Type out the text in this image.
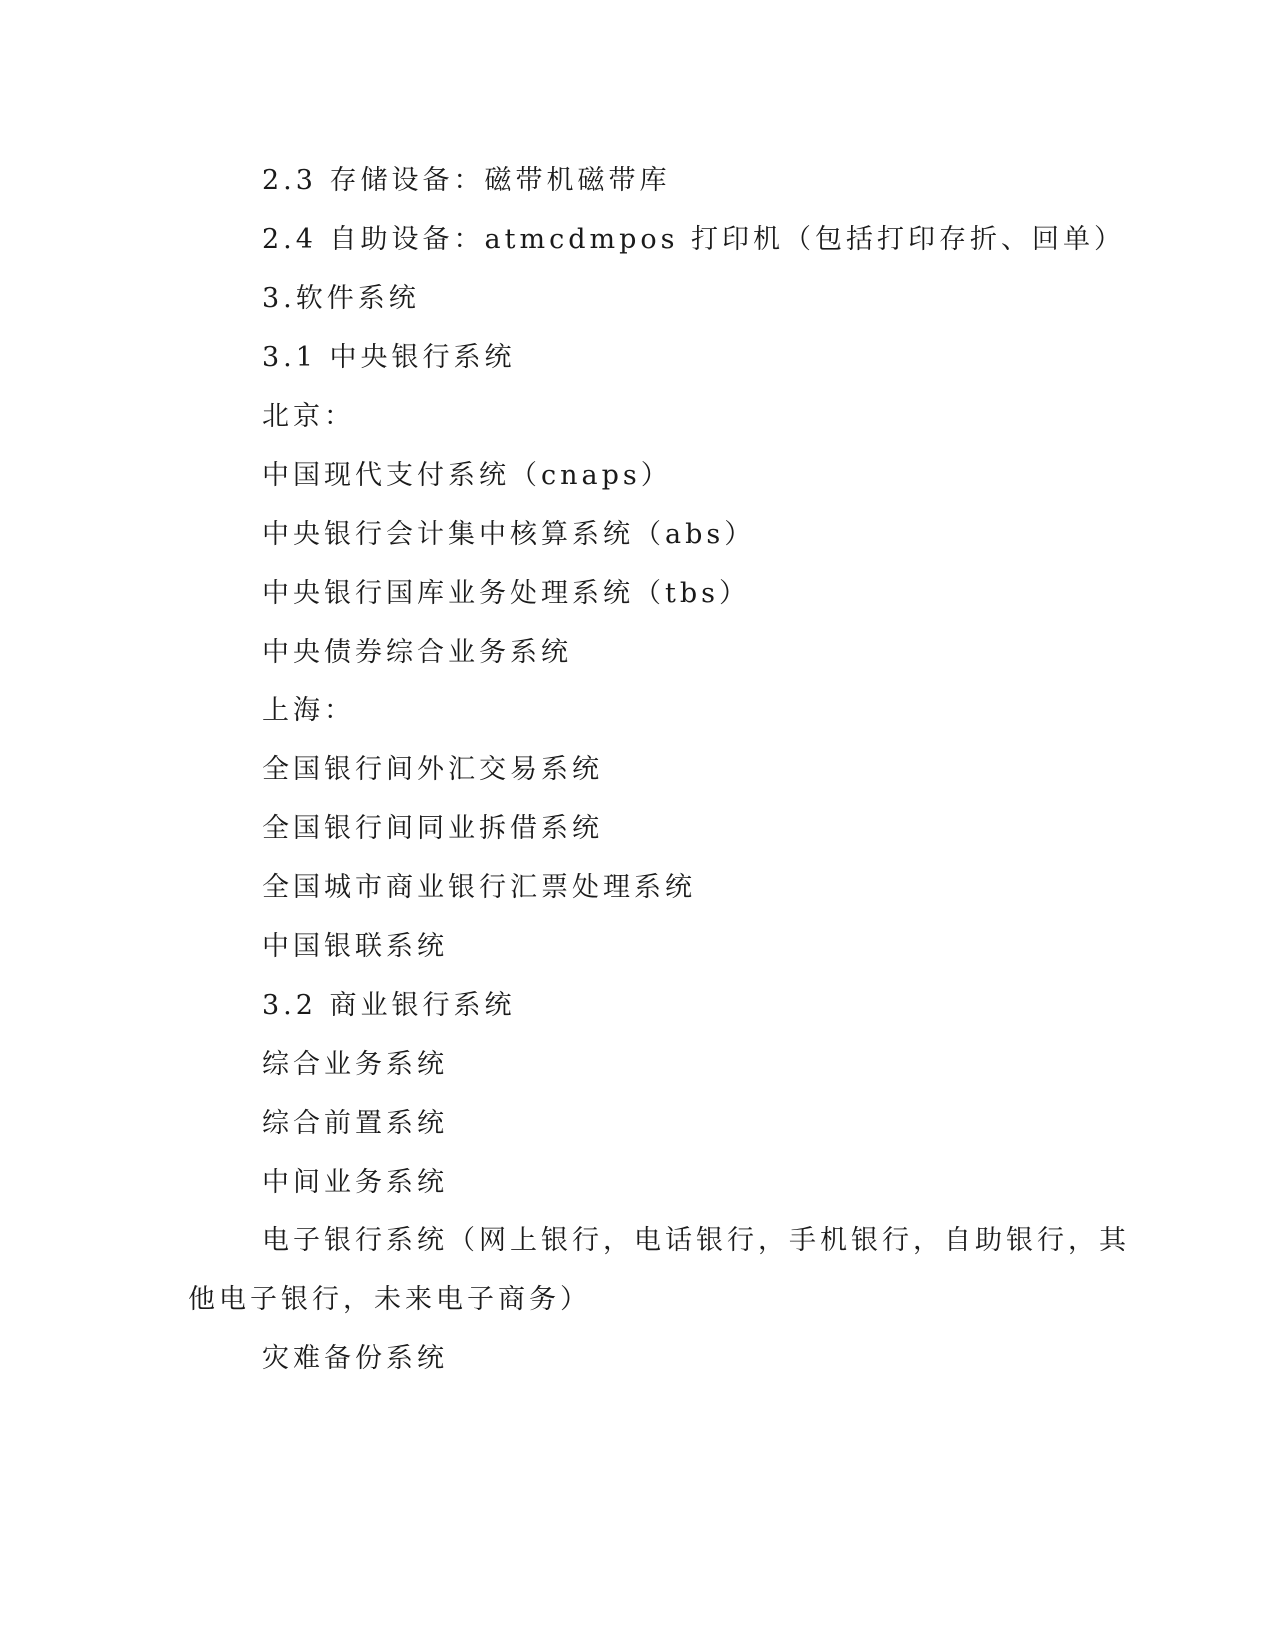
2.3 存储设备：磁带机磁带库
2.4 自助设备：atmcdmpos 打印机（包括打印存折、回单）
3.软件系统
3.1 中央银行系统
北京：
中国现代支付系统（cnaps）
中央银行会计集中核算系统（abs）
中央银行国库业务处理系统（tbs）
中央债券综合业务系统
上海：
全国银行间外汇交易系统
全国银行间同业拆借系统
全国城市商业银行汇票处理系统
中国银联系统
3.2 商业银行系统
综合业务系统
综合前置系统
中间业务系统
电子银行系统（网上银行，电话银行，手机银行，自助银行，其
他电子银行，未来电子商务）
灾难备份系统
